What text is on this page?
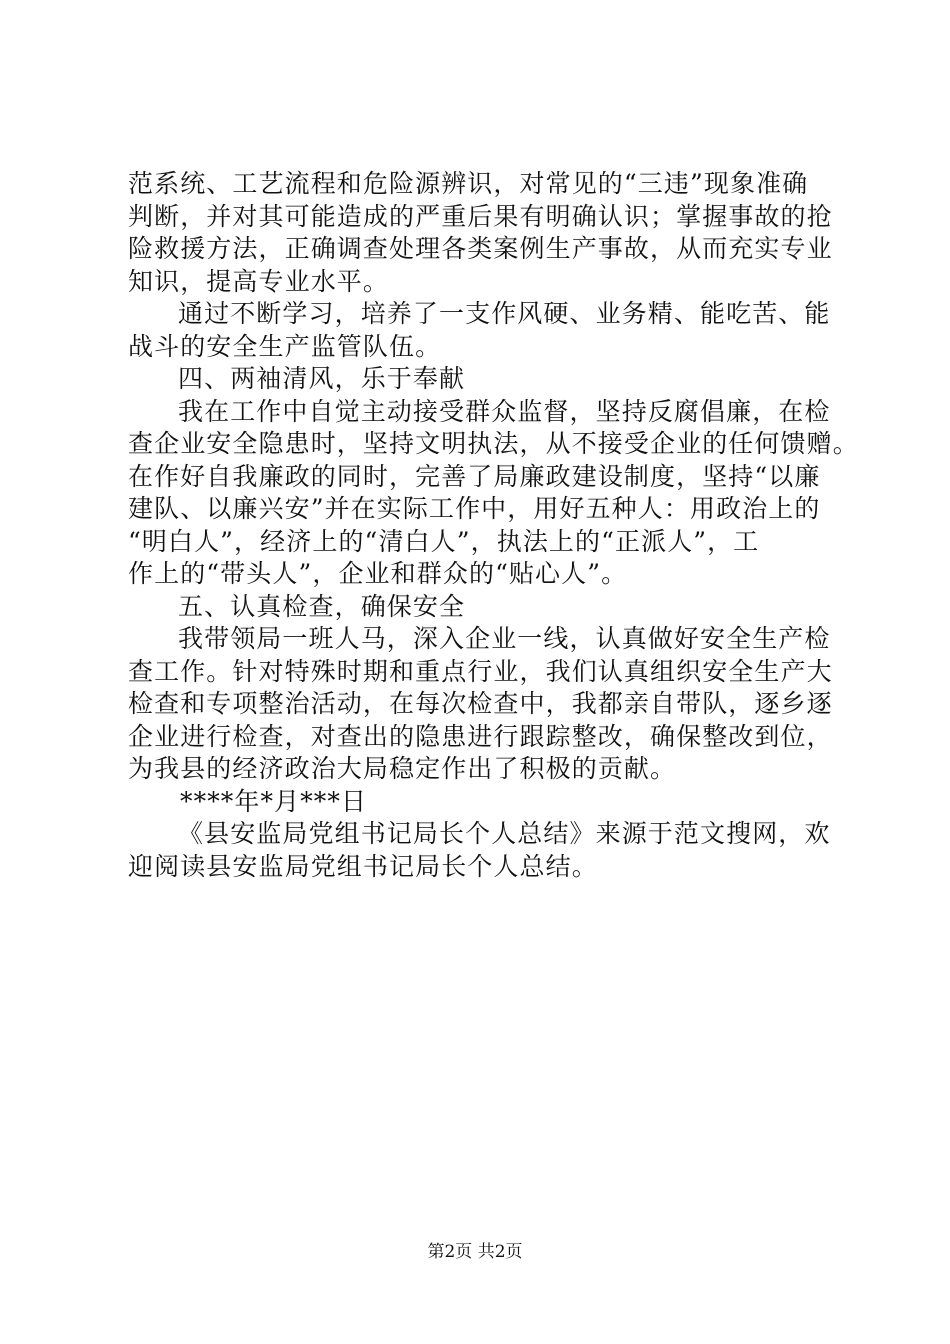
范系统、工艺流程和危险源辨识，对常见的“三违”现象准确
判断，并对其可能造成的严重后果有明确认识；掌握事故的抢
险救援方法，正确调查处理各类案例生产事故，从而充实专业
知识，提高专业水平。
通过不断学习，培养了一支作风硬、业务精、能吃苦、能
战斗的安全生产监管队伍。
四、两袖清风，乐于奉献
我在工作中自觉主动接受群众监督，坚持反腐倡廉，在检
查企业安全隐患时，坚持文明执法，从不接受企业的任何馈赠。
在作好自我廉政的同时，完善了局廉政建设制度，坚持“以廉
建队、以廉兴安”并在实际工作中，用好五种人：用政治上的
“明白人”，经济上的“清白人”，执法上的“正派人”，工
作上的“带头人”，企业和群众的“贴心人”。
五、认真检查，确保安全
我带领局一班人马，深入企业一线，认真做好安全生产检
查工作。针对特殊时期和重点行业，我们认真组织安全生产大
检查和专项整治活动，在每次检查中，我都亲自带队，逐乡逐
企业进行检查，对查出的隐患进行跟踪整改，确保整改到位，
为我县的经济政治大局稳定作出了积极的贡献。
****年*月***日
《县安监局党组书记局长个人总结》来源于范文搜网，欢
迎阅读县安监局党组书记局长个人总结。
第2页 共2页
